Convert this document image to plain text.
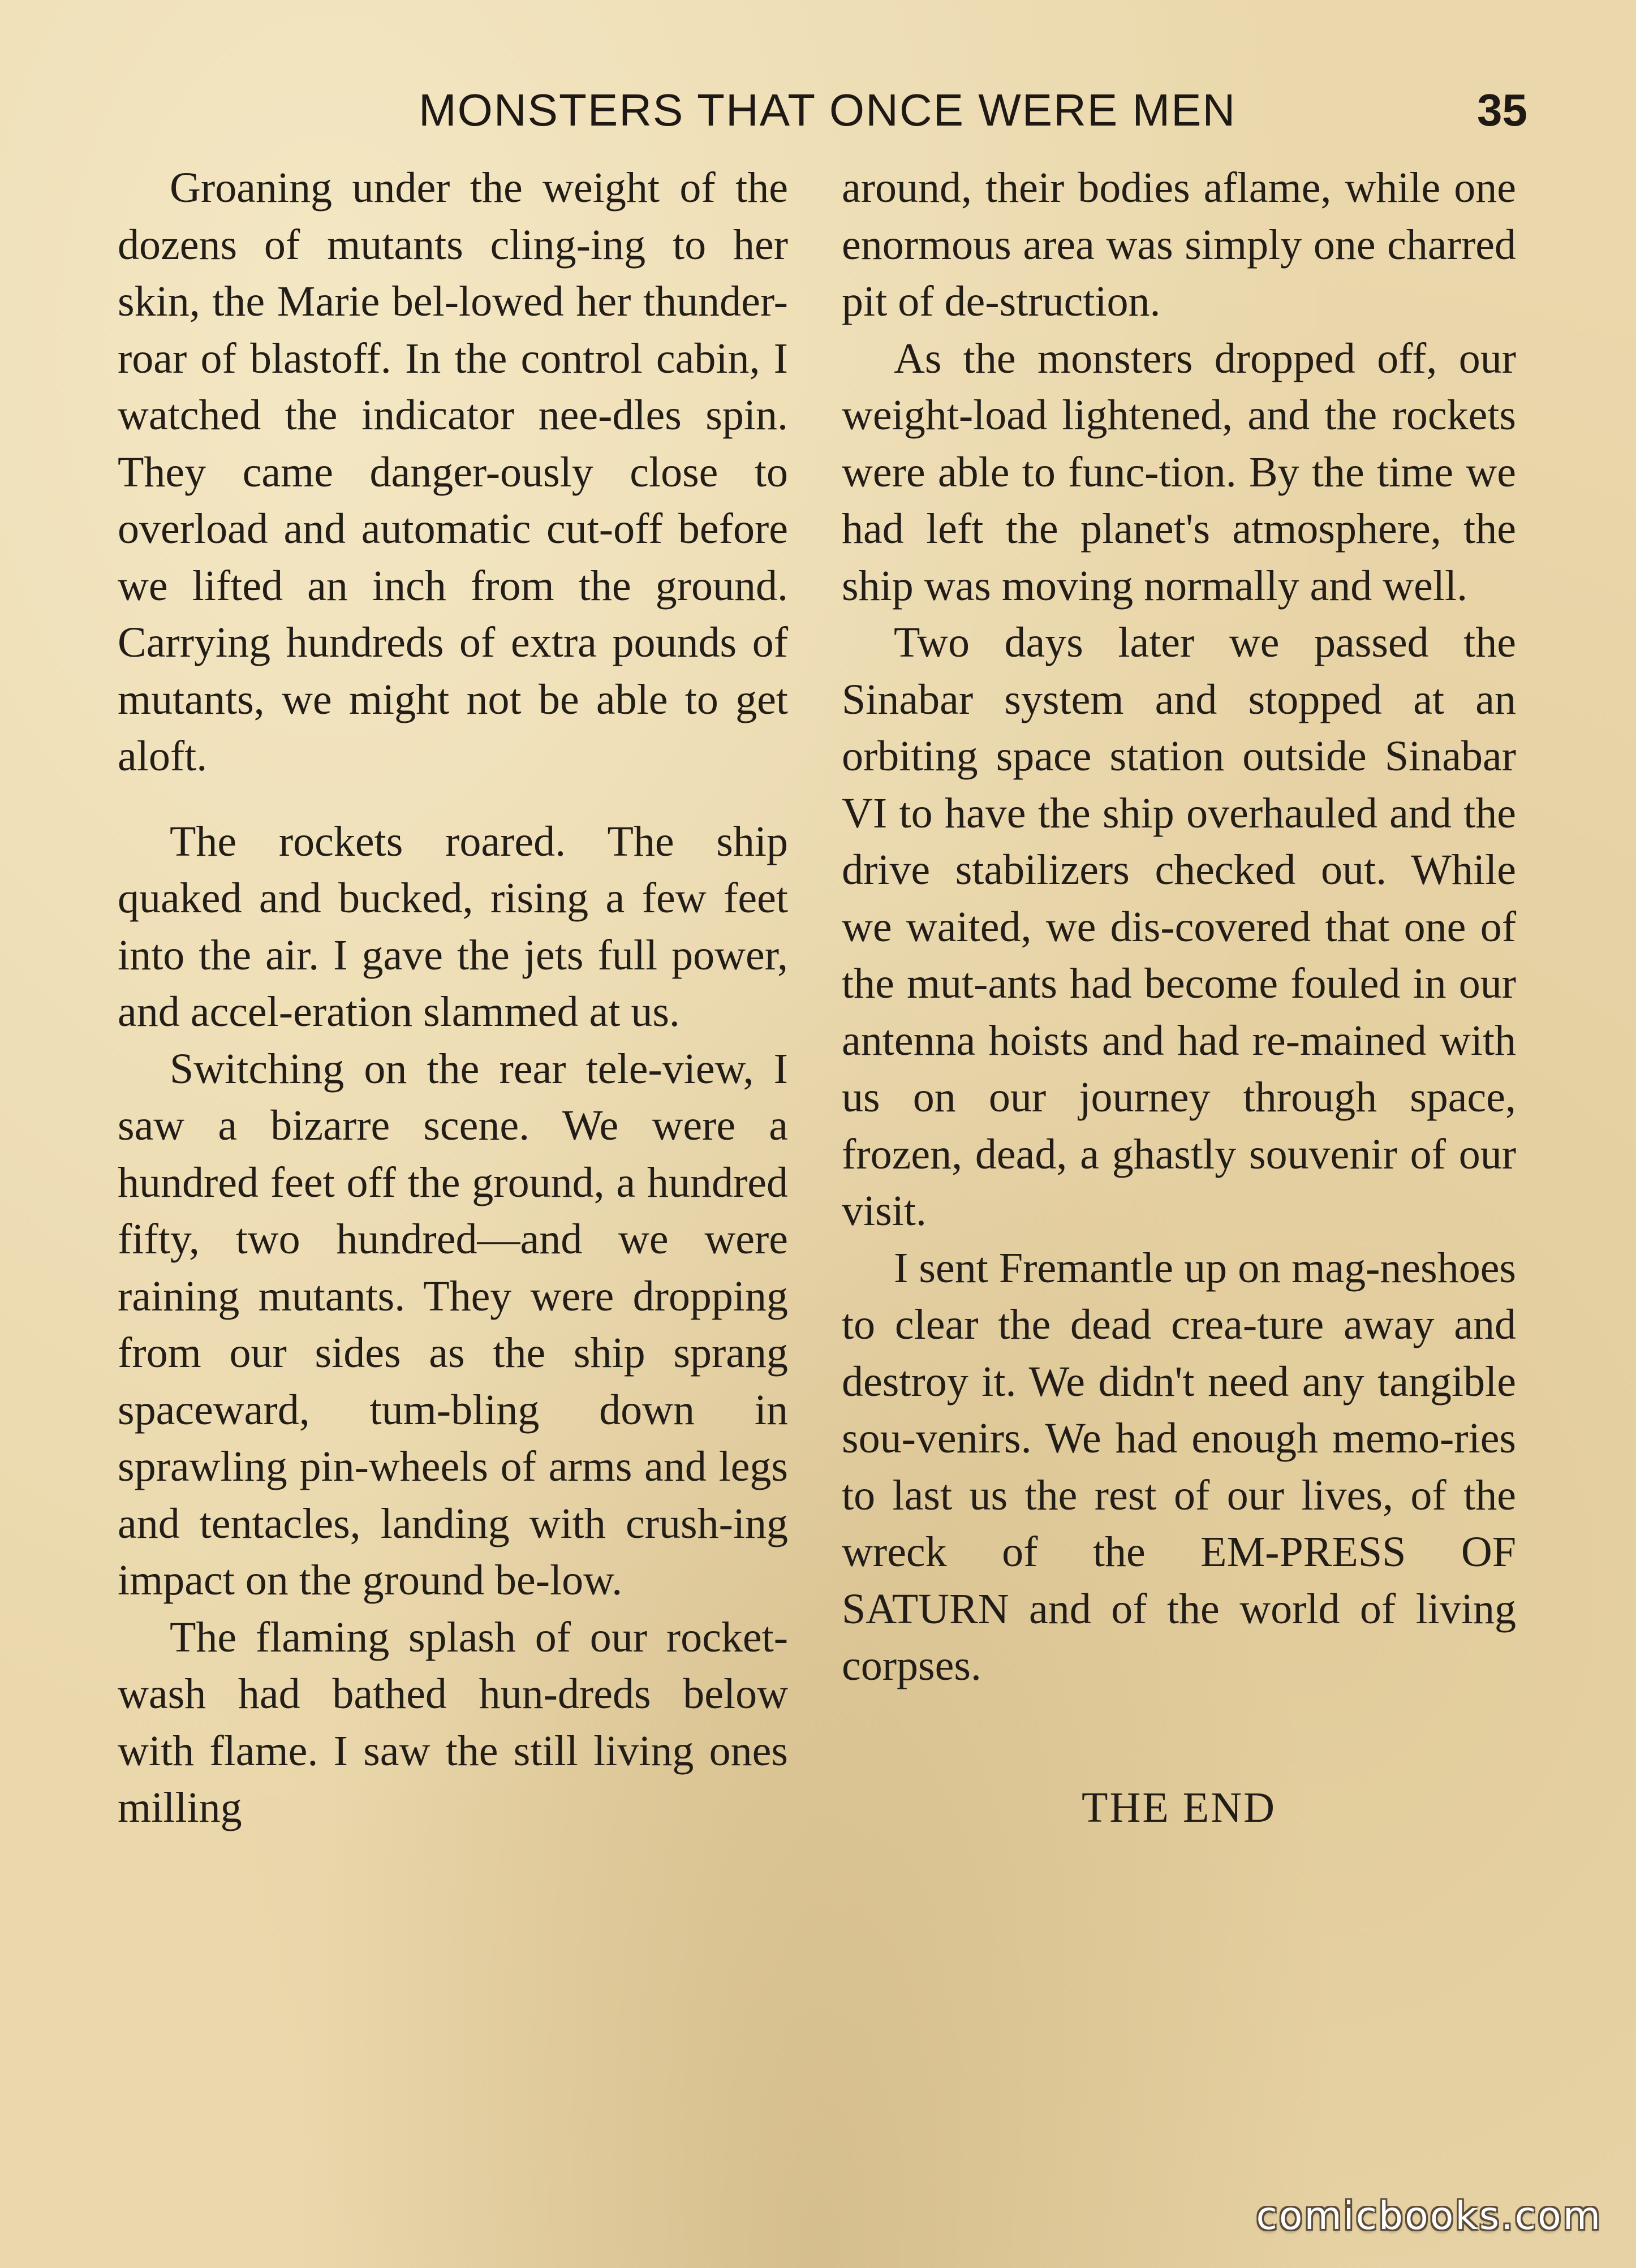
MONSTERS THAT ONCE WERE MEN	35

Groaning under the weight of the dozens of mutants cling-ing to her skin, the Marie bel-lowed her thunder-roar of blastoff. In the control cabin, I watched the indicator nee-dles spin. They came danger-ously close to overload and automatic cut-off before we lifted an inch from the ground. Carrying hundreds of extra pounds of mutants, we might not be able to get aloft.

The rockets roared. The ship quaked and bucked, rising a few feet into the air. I gave the jets full power, and accel-eration slammed at us.

Switching on the rear tele-view, I saw a bizarre scene. We were a hundred feet off the ground, a hundred fifty, two hundred—and we were raining mutants. They were dropping from our sides as the ship sprang spaceward, tum-bling down in sprawling pin-wheels of arms and legs and tentacles, landing with crush-ing impact on the ground be-low.

The flaming splash of our rocket-wash had bathed hun-dreds below with flame. I saw the still living ones milling

around, their bodies aflame, while one enormous area was simply one charred pit of de-struction.

As the monsters dropped off, our weight-load lightened, and the rockets were able to func-tion. By the time we had left the planet's atmosphere, the ship was moving normally and well.

Two days later we passed the Sinabar system and stopped at an orbiting space station outside Sinabar VI to have the ship overhauled and the drive stabilizers checked out. While we waited, we dis-covered that one of the mut-ants had become fouled in our antenna hoists and had re-mained with us on our journey through space, frozen, dead, a ghastly souvenir of our visit.

I sent Fremantle up on mag-neshoes to clear the dead crea-ture away and destroy it. We didn't need any tangible sou-venirs. We had enough memo-ries to last us the rest of our lives, of the wreck of the EM-PRESS OF SATURN and of the world of living corpses.

THE END

comicbooks.com
